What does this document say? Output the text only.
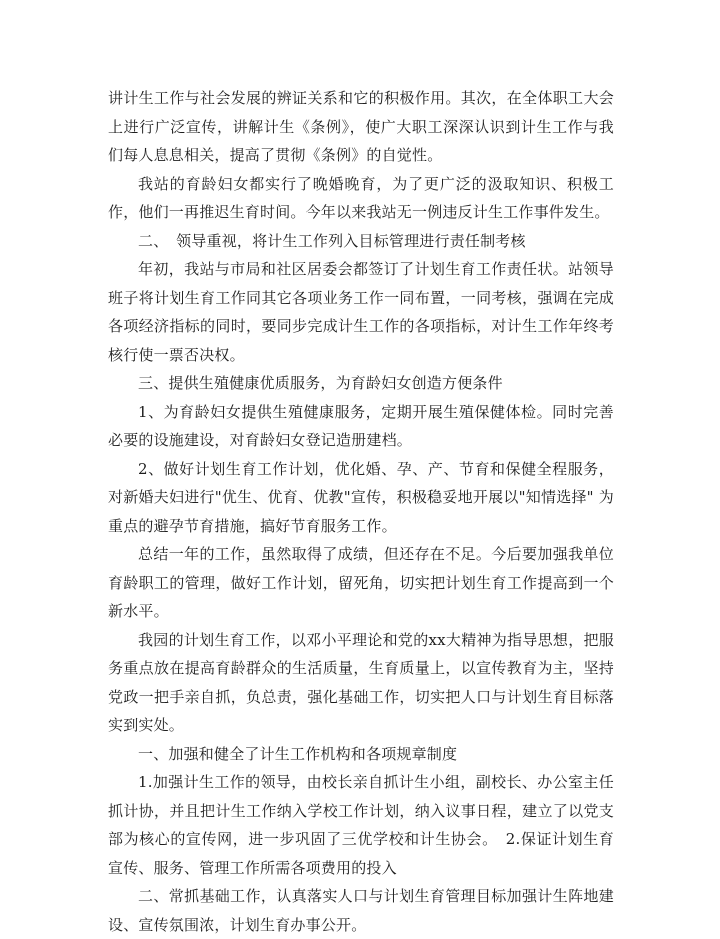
讲计生工作与社会发展的辨证关系和它的积极作用。其次，在全体职工大会上进行广泛宣传，讲解计生《条例》，使广大职工深深认识到计生工作与我们每人息息相关，提高了贯彻《条例》的自觉性。

我站的育龄妇女都实行了晚婚晚育，为了更广泛的汲取知识、积极工作，他们一再推迟生育时间。今年以来我站无一例违反计生工作事件发生。

二、　领导重视，将计生工作列入目标管理进行责任制考核

年初，我站与市局和社区居委会都签订了计划生育工作责任状。站领导班子将计划生育工作同其它各项业务工作一同布置，一同考核，强调在完成各项经济指标的同时，要同步完成计生工作的各项指标，对计生工作年终考核行使一票否决权。

三、提供生殖健康优质服务，为育龄妇女创造方便条件

1、为育龄妇女提供生殖健康服务，定期开展生殖保健体检。同时完善必要的设施建设，对育龄妇女登记造册建档。

2、做好计划生育工作计划，优化婚、孕、产、节育和保健全程服务，对新婚夫妇进行"优生、优育、优教"宣传，积极稳妥地开展以"知情选择" 为重点的避孕节育措施，搞好节育服务工作。

总结一年的工作，虽然取得了成绩，但还存在不足。今后要加强我单位育龄职工的管理，做好工作计划，留死角，切实把计划生育工作提高到一个新水平。

我园的计划生育工作，以邓小平理论和党的xx大精神为指导思想，把服务重点放在提高育龄群众的生活质量，生育质量上，以宣传教育为主，坚持党政一把手亲自抓，负总责，强化基础工作，切实把人口与计划生育目标落实到实处。

一、加强和健全了计生工作机构和各项规章制度

1.加强计生工作的领导，由校长亲自抓计生小组，副校长、办公室主任抓计协，并且把计生工作纳入学校工作计划，纳入议事日程，建立了以党支部为核心的宣传网，进一步巩固了三优学校和计生协会。　2.保证计划生育宣传、服务、管理工作所需各项费用的投入

二、常抓基础工作，认真落实人口与计划生育管理目标加强计生阵地建设、宣传氛围浓，计划生育办事公开。
